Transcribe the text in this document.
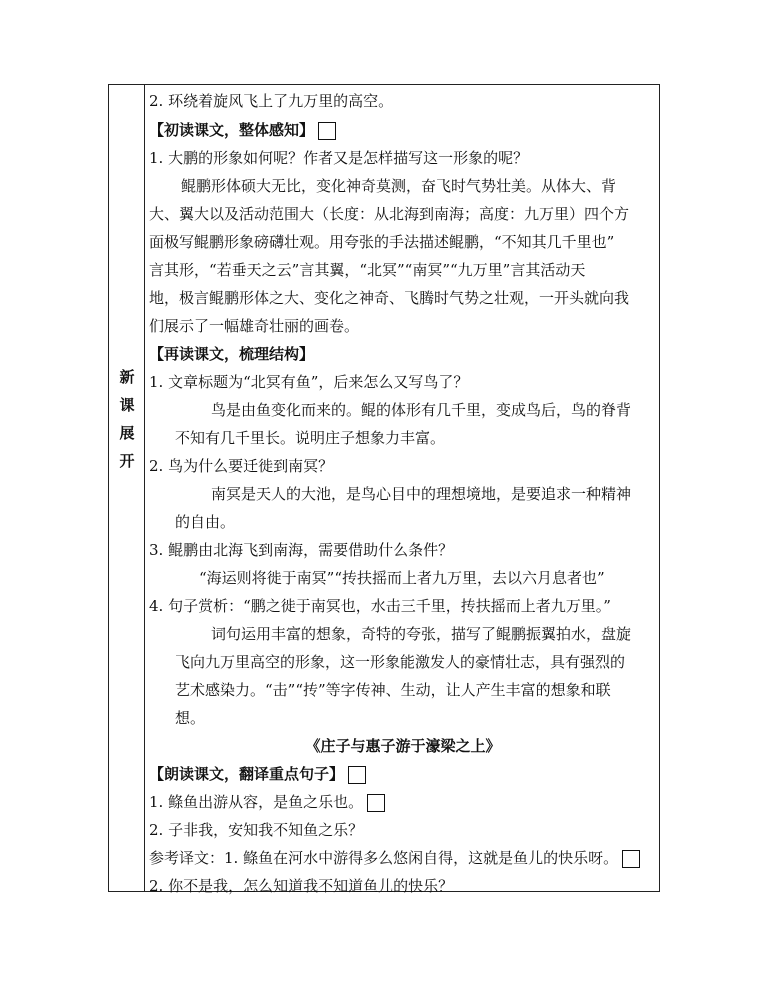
新
课
展
开
2. 环绕着旋风飞上了九万里的高空。
【初读课文，整体感知】
1. 大鹏的形象如何呢？作者又是怎样描写这一形象的呢？
鲲鹏形体硕大无比，变化神奇莫测，奋飞时气势壮美。从体大、背
大、翼大以及活动范围大（长度：从北海到南海；高度：九万里）四个方
面极写鲲鹏形象磅礴壮观。用夸张的手法描述鲲鹏，“不知其几千里也”
言其形，“若垂天之云”言其翼，“北冥”“南冥”“九万里”言其活动天
地，极言鲲鹏形体之大、变化之神奇、飞腾时气势之壮观，一开头就向我
们展示了一幅雄奇壮丽的画卷。
【再读课文，梳理结构】
1. 文章标题为“北冥有鱼”，后来怎么又写鸟了？
鸟是由鱼变化而来的。鲲的体形有几千里，变成鸟后，鸟的脊背
不知有几千里长。说明庄子想象力丰富。
2. 鸟为什么要迁徙到南冥？
南冥是天人的大池，是鸟心目中的理想境地，是要追求一种精神
的自由。
3. 鲲鹏由北海飞到南海，需要借助什么条件？
“海运则将徙于南冥”“抟扶摇而上者九万里，去以六月息者也”
4. 句子赏析：“鹏之徙于南冥也，水击三千里，抟扶摇而上者九万里。”
词句运用丰富的想象，奇特的夸张，描写了鲲鹏振翼拍水，盘旋
飞向九万里高空的形象，这一形象能激发人的豪情壮志，具有强烈的
艺术感染力。“击”“抟”等字传神、生动，让人产生丰富的想象和联
想。
《庄子与惠子游于濠梁之上》
【朗读课文，翻译重点句子】
1. 鲦鱼出游从容，是鱼之乐也。
2. 子非我，安知我不知鱼之乐？
参考译文：1. 鲦鱼在河水中游得多么悠闲自得，这就是鱼儿的快乐呀。
2. 你不是我，怎么知道我不知道鱼儿的快乐？
